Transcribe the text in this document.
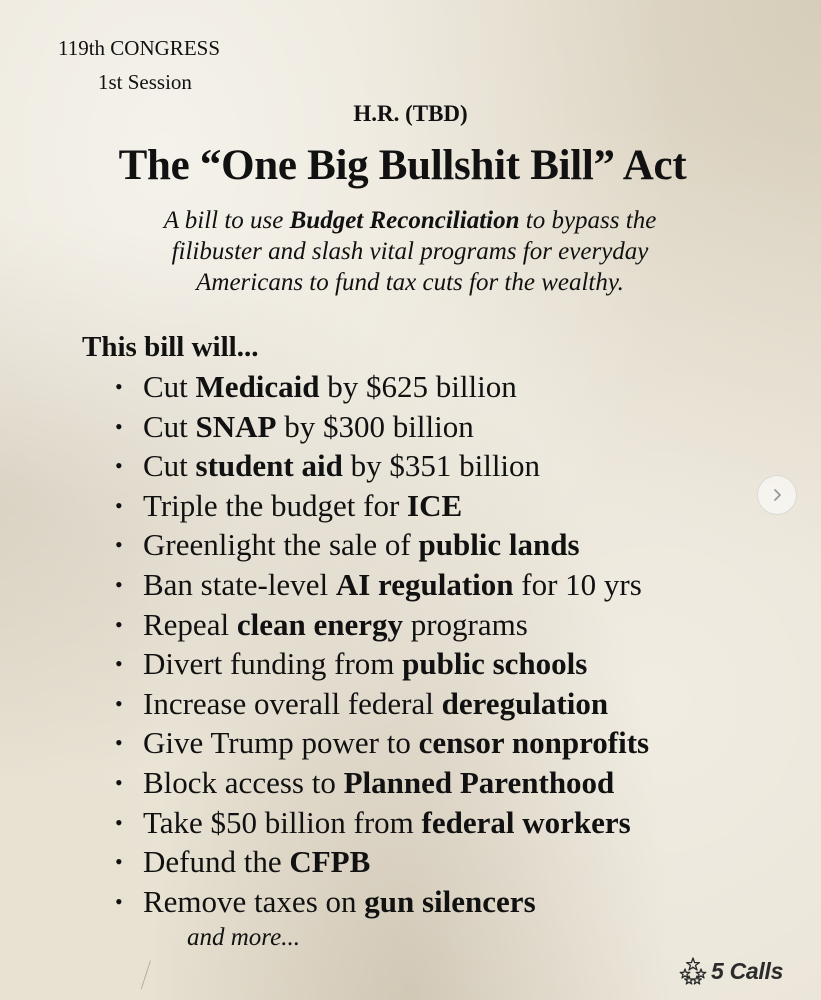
119th CONGRESS
1st Session
H.R. (TBD)
The “One Big Bullshit Bill” Act
A bill to use Budget Reconciliation to bypass the
filibuster and slash vital programs for everyday
Americans to fund tax cuts for the wealthy.
This bill will...
• Cut Medicaid by $625 billion
• Cut SNAP by $300 billion
• Cut student aid by $351 billion
• Triple the budget for ICE
• Greenlight the sale of public lands
• Ban state-level AI regulation for 10 yrs
• Repeal clean energy programs
• Divert funding from public schools
• Increase overall federal deregulation
• Give Trump power to censor nonprofits
• Block access to Planned Parenthood
• Take $50 billion from federal workers
• Defund the CFPB
• Remove taxes on gun silencers
and more...
5 Calls
